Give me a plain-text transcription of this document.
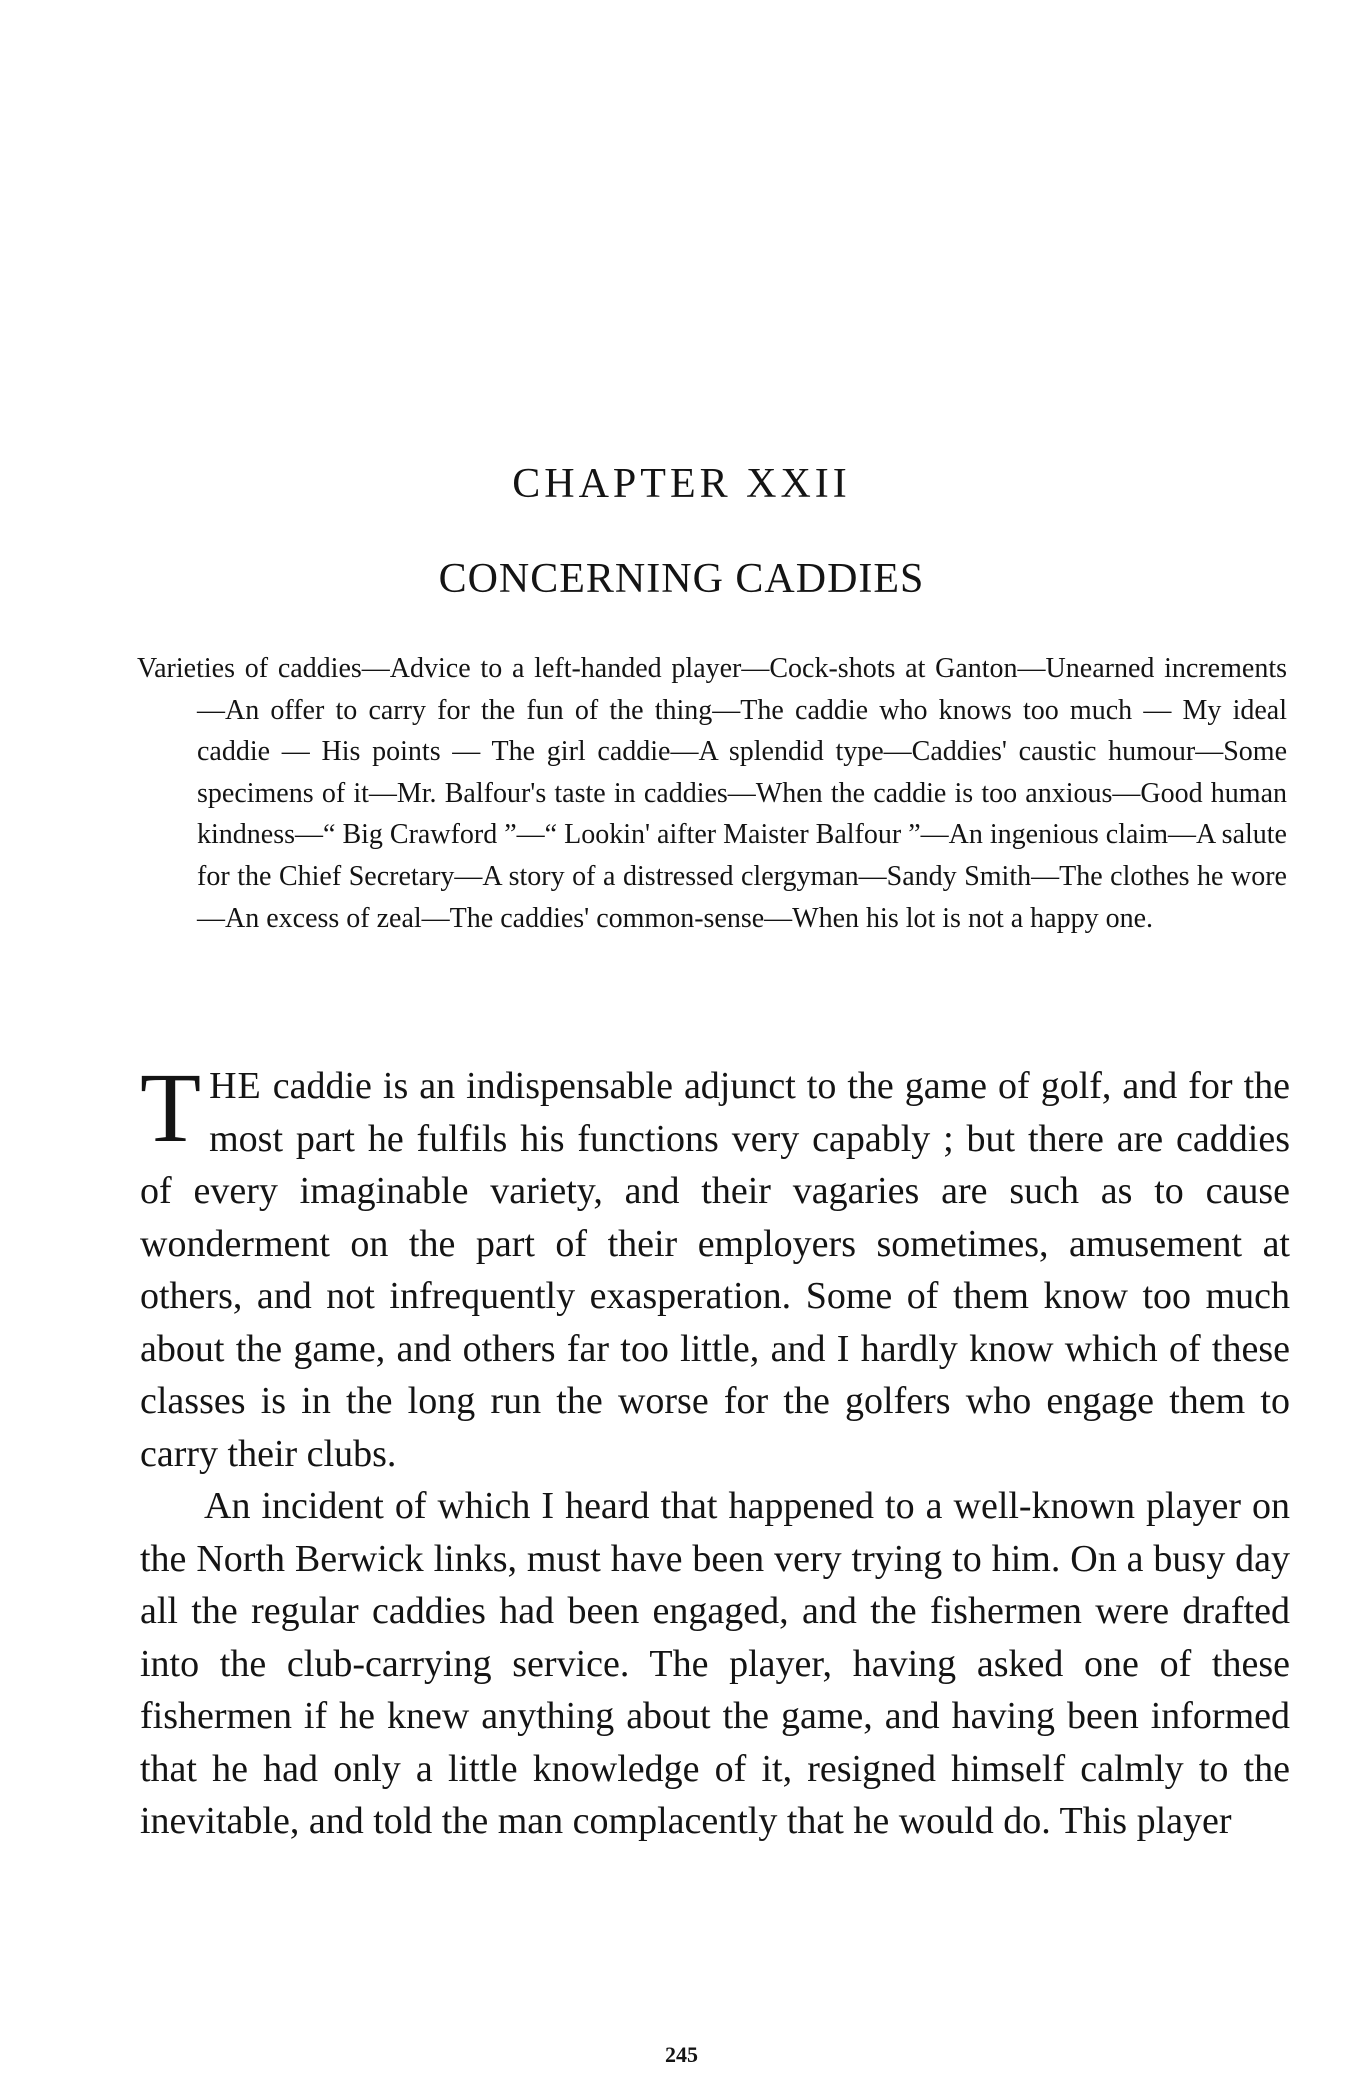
CHAPTER XXII
CONCERNING CADDIES
Varieties of caddies—Advice to a left-handed player—Cock-shots at Ganton—Unearned increments—An offer to carry for the fun of the thing—The caddie who knows too much — My ideal caddie — His points — The girl caddie—A splendid type—Caddies' caustic humour—Some specimens of it—Mr. Balfour's taste in caddies—When the caddie is too anxious—Good human kindness—“ Big Crawford ”—“ Lookin' aifter Maister Balfour ”—An ingenious claim—A salute for the Chief Secretary—A story of a distressed clergyman—Sandy Smith—The clothes he wore—An excess of zeal—The caddies' common-sense—When his lot is not a happy one.

THE caddie is an indispensable adjunct to the game of golf, and for the most part he fulfils his functions very capably ; but there are caddies of every imaginable variety, and their vagaries are such as to cause wonderment on the part of their employers sometimes, amusement at others, and not infrequently exasperation. Some of them know too much about the game, and others far too little, and I hardly know which of these classes is in the long run the worse for the golfers who engage them to carry their clubs.

An incident of which I heard that happened to a well-known player on the North Berwick links, must have been very trying to him. On a busy day all the regular caddies had been engaged, and the fishermen were drafted into the club-carrying service. The player, having asked one of these fishermen if he knew anything about the game, and having been informed that he had only a little knowledge of it, resigned himself calmly to the inevitable, and told the man complacently that he would do. This player

245
